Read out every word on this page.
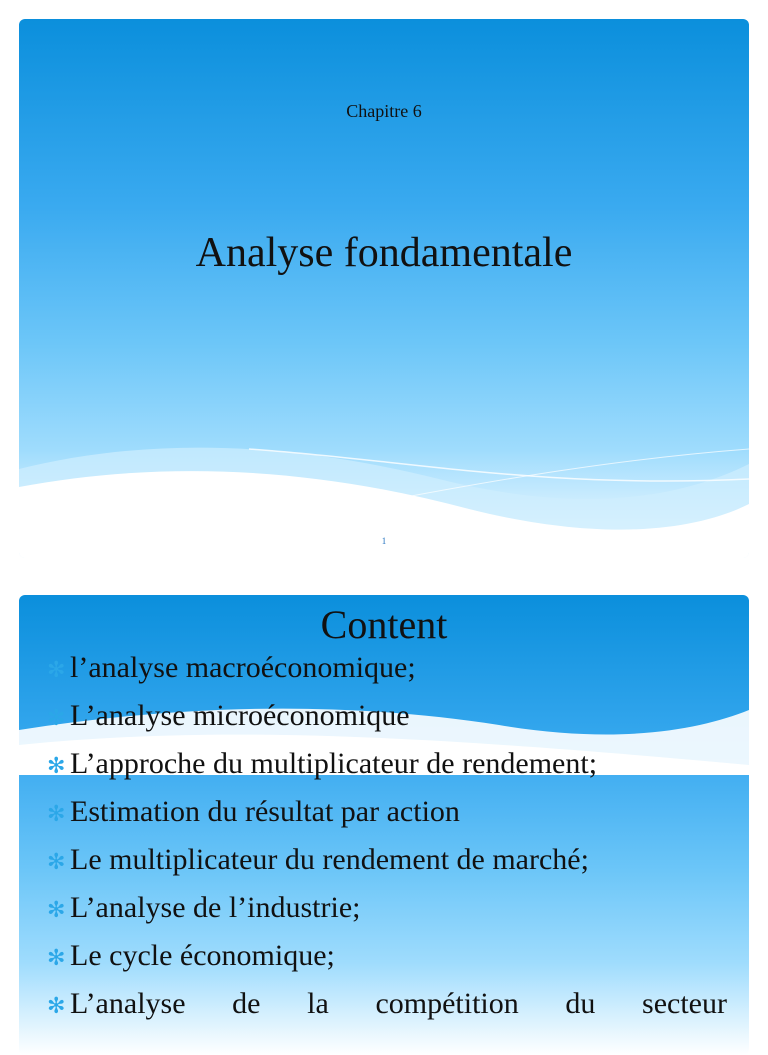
Chapitre 6
Analyse fondamentale
1
Content
✻ l’analyse macroéconomique;
✻ L’analyse microéconomique
✻ L’approche du multiplicateur de rendement;
✻ Estimation du résultat par action
✻ Le multiplicateur du rendement de marché;
✻ L’analyse de l’industrie;
✻ Le cycle économique;
✻ L’analyse de la compétition du secteur
